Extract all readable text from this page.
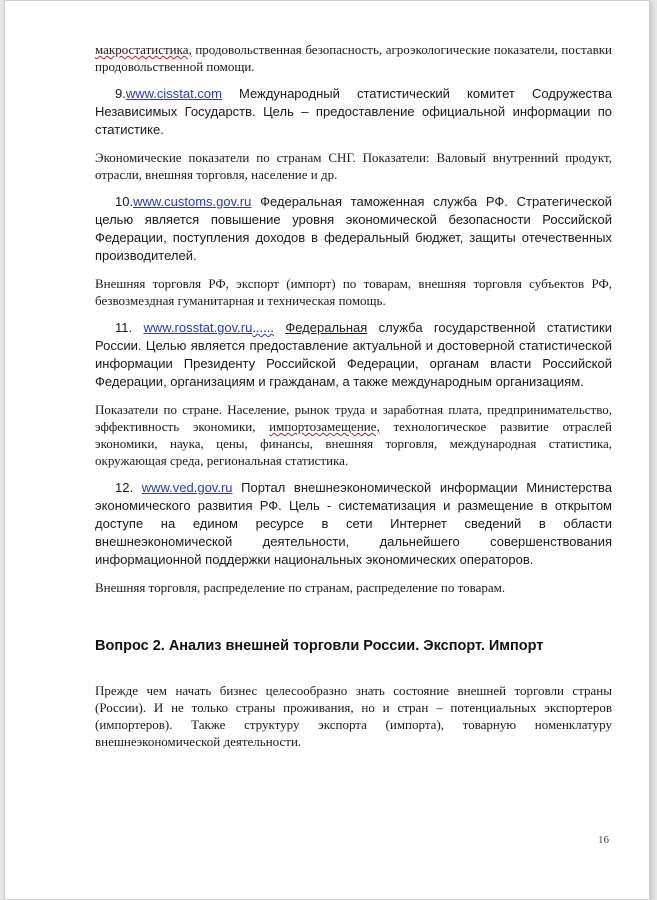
макростатистика, продовольственная безопасность, агроэкологические показатели, поставки продовольственной помощи.

9.www.cisstat.com Международный статистический комитет Содружества Независимых Государств. Цель – предоставление официальной информации по статистике.

Экономические показатели по странам СНГ. Показатели: Валовый внутренний продукт, отрасли, внешняя торговля, население и др.

10.www.customs.gov.ru Федеральная таможенная служба РФ. Стратегической целью является повышение уровня экономической безопасности Российской Федерации, поступления доходов в федеральный бюджет, защиты отечественных производителей.

Внешняя торговля РФ, экспорт (импорт) по товарам, внешняя торговля субъектов РФ, безвозмездная гуманитарная и техническая помощь.

11. www.rosstat.gov.ru...... Федеральная служба государственной статистики России. Целью является предоставление актуальной и достоверной статистической информации Президенту Российской Федерации, органам власти Российской Федерации, организациям и гражданам, а также международным организациям.

Показатели по стране. Население, рынок труда и заработная плата, предпринимательство, эффективность экономики, импортозамещение, технологическое развитие отраслей экономики, наука, цены, финансы, внешняя торговля, международная статистика, окружающая среда, региональная статистика.

12. www.ved.gov.ru Портал внешнеэкономической информации Министерства экономического развития РФ. Цель - систематизация и размещение в открытом доступе на едином ресурсе в сети Интернет сведений в области внешнеэкономической деятельности, дальнейшего совершенствования информационной поддержки национальных экономических операторов.

Внешняя торговля, распределение по странам, распределение по товарам.

Вопрос 2. Анализ внешней торговли России. Экспорт. Импорт

Прежде чем начать бизнес целесообразно знать состояние внешней торговли страны (России). И не только страны проживания, но и стран – потенциальных экспортеров (импортеров). Также структуру экспорта (импорта), товарную номенклатуру внешнеэкономической деятельности.

16
